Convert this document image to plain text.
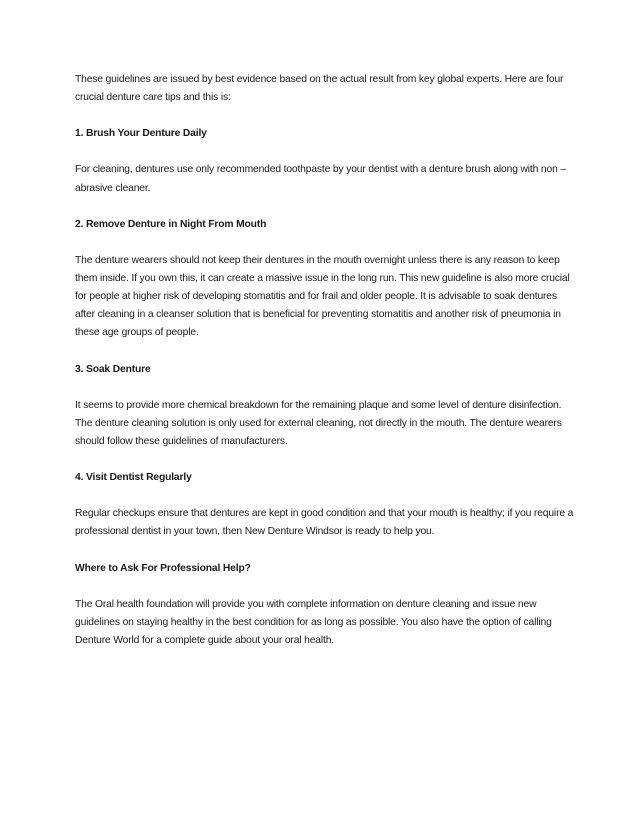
These guidelines are issued by best evidence based on the actual result from key global experts. Here are four crucial denture care tips and this is:

1. Brush Your Denture Daily

For cleaning, dentures use only recommended toothpaste by your dentist with a denture brush along with non – abrasive cleaner.

2. Remove Denture in Night From Mouth

The denture wearers should not keep their dentures in the mouth overnight unless there is any reason to keep them inside. If you own this, it can create a massive issue in the long run. This new guideline is also more crucial for people at higher risk of developing stomatitis and for frail and older people. It is advisable to soak dentures after cleaning in a cleanser solution that is beneficial for preventing stomatitis and another risk of pneumonia in these age groups of people.

3. Soak Denture

It seems to provide more chemical breakdown for the remaining plaque and some level of denture disinfection. The denture cleaning solution is only used for external cleaning, not directly in the mouth. The denture wearers should follow these guidelines of manufacturers.

4. Visit Dentist Regularly

Regular checkups ensure that dentures are kept in good condition and that your mouth is healthy; if you require a professional dentist in your town, then New Denture Windsor is ready to help you.

Where to Ask For Professional Help?

The Oral health foundation will provide you with complete information on denture cleaning and issue new guidelines on staying healthy in the best condition for as long as possible. You also have the option of calling Denture World for a complete guide about your oral health.
